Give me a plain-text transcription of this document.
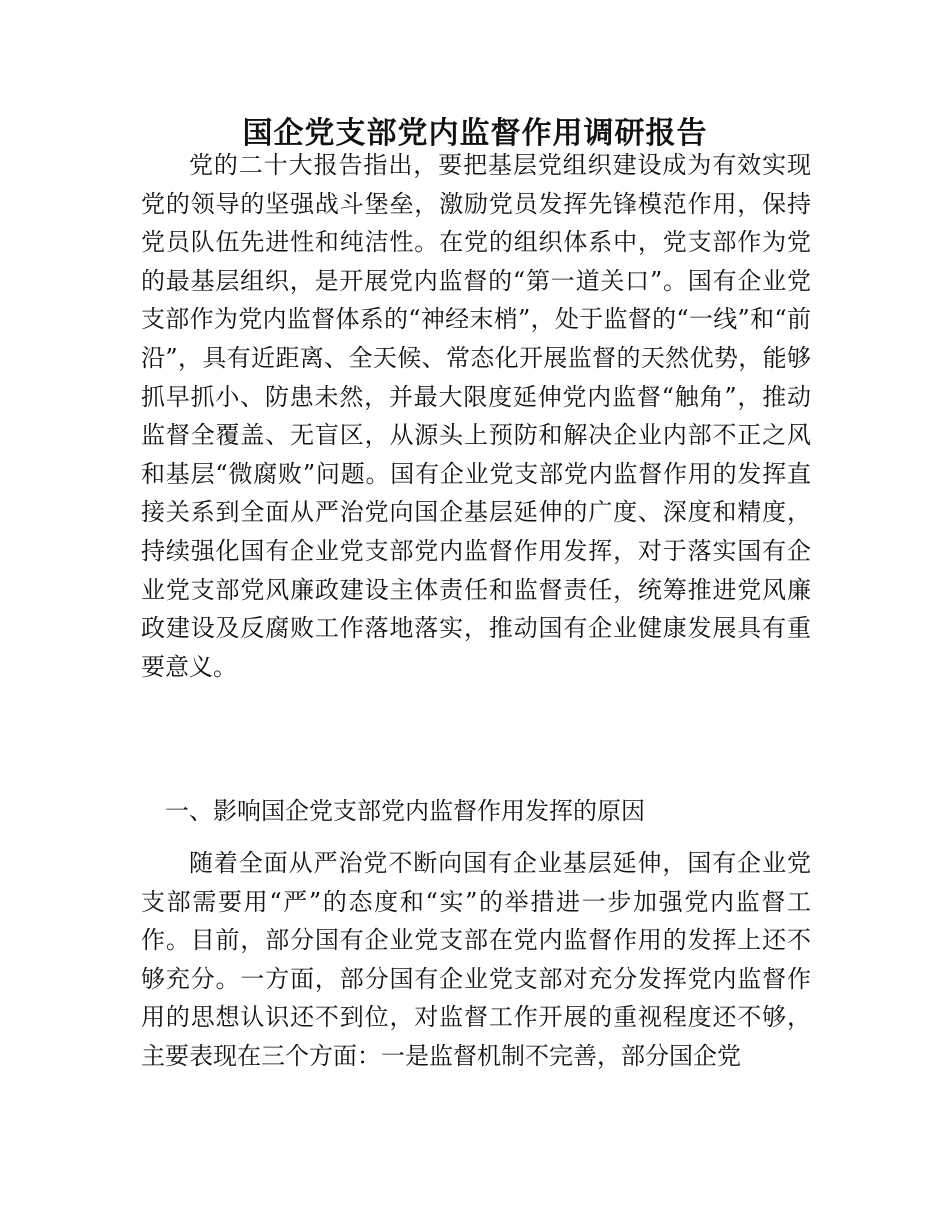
国企党支部党内监督作用调研报告

党的二十大报告指出，要把基层党组织建设成为有效实现党的领导的坚强战斗堡垒，激励党员发挥先锋模范作用，保持党员队伍先进性和纯洁性。在党的组织体系中，党支部作为党的最基层组织，是开展党内监督的“第一道关口”。国有企业党支部作为党内监督体系的“神经末梢”，处于监督的“一线”和“前沿”，具有近距离、全天候、常态化开展监督的天然优势，能够抓早抓小、防患未然，并最大限度延伸党内监督“触角”，推动监督全覆盖、无盲区，从源头上预防和解决企业内部不正之风和基层“微腐败”问题。国有企业党支部党内监督作用的发挥直接关系到全面从严治党向国企基层延伸的广度、深度和精度，持续强化国有企业党支部党内监督作用发挥，对于落实国有企业党支部党风廉政建设主体责任和监督责任，统筹推进党风廉政建设及反腐败工作落地落实，推动国有企业健康发展具有重要意义。

一、影响国企党支部党内监督作用发挥的原因

随着全面从严治党不断向国有企业基层延伸，国有企业党支部需要用“严”的态度和“实”的举措进一步加强党内监督工作。目前，部分国有企业党支部在党内监督作用的发挥上还不够充分。一方面，部分国有企业党支部对充分发挥党内监督作用的思想认识还不到位，对监督工作开展的重视程度还不够，主要表现在三个方面：一是监督机制不完善，部分国企党
